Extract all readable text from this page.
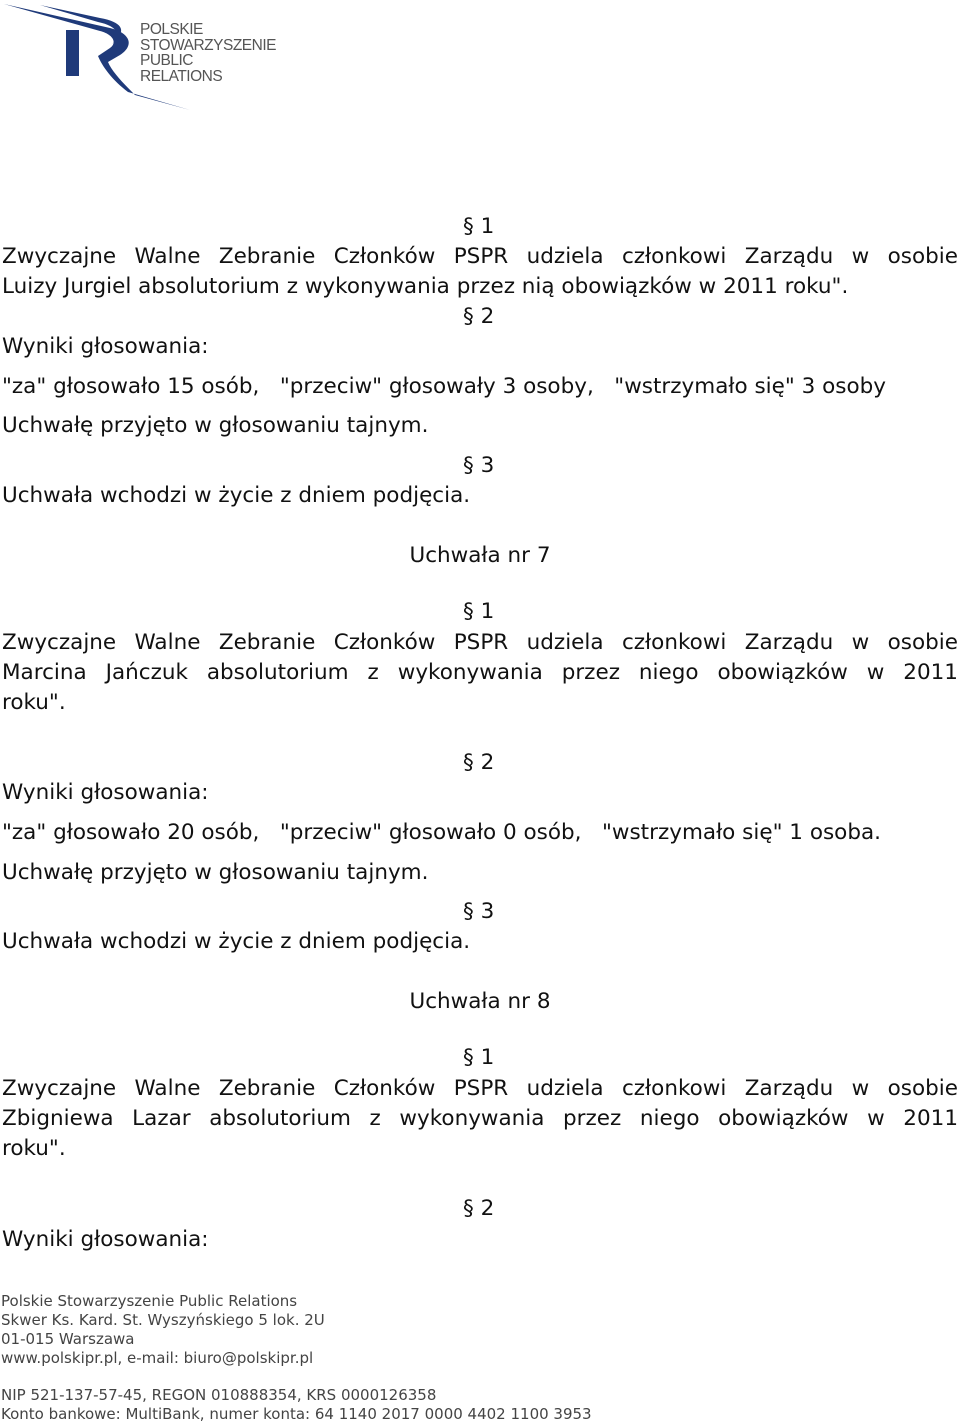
POLSKIE
STOWARZYSZENIE
PUBLIC
RELATIONS
§ 1
Zwyczajne Walne Zebranie Członków PSPR udziela członkowi Zarządu w osobie
Luizy Jurgiel absolutorium z wykonywania przez nią obowiązków w 2011 roku".
§ 2
Wyniki głosowania:
"za" głosowało 15 osób,   "przeciw" głosowały 3 osoby,   "wstrzymało się" 3 osoby
Uchwałę przyjęto w głosowaniu tajnym.
§ 3
Uchwała wchodzi w życie z dniem podjęcia.
Uchwała nr 7
§ 1
Zwyczajne Walne Zebranie Członków PSPR udziela członkowi Zarządu w osobie
Marcina Jańczuk absolutorium z wykonywania przez niego obowiązków w 2011
roku".
§ 2
Wyniki głosowania:
"za" głosowało 20 osób,   "przeciw" głosowało 0 osób,   "wstrzymało się" 1 osoba.
Uchwałę przyjęto w głosowaniu tajnym.
§ 3
Uchwała wchodzi w życie z dniem podjęcia.
Uchwała nr 8
§ 1
Zwyczajne Walne Zebranie Członków PSPR udziela członkowi Zarządu w osobie
Zbigniewa Lazar absolutorium z wykonywania przez niego obowiązków w 2011
roku".
§ 2
Wyniki głosowania:
Polskie Stowarzyszenie Public Relations
Skwer Ks. Kard. St. Wyszyńskiego 5 lok. 2U
01-015 Warszawa
www.polskipr.pl, e-mail: biuro@polskipr.pl
NIP 521-137-57-45, REGON 010888354, KRS 0000126358
Konto bankowe: MultiBank, numer konta: 64 1140 2017 0000 4402 1100 3953
